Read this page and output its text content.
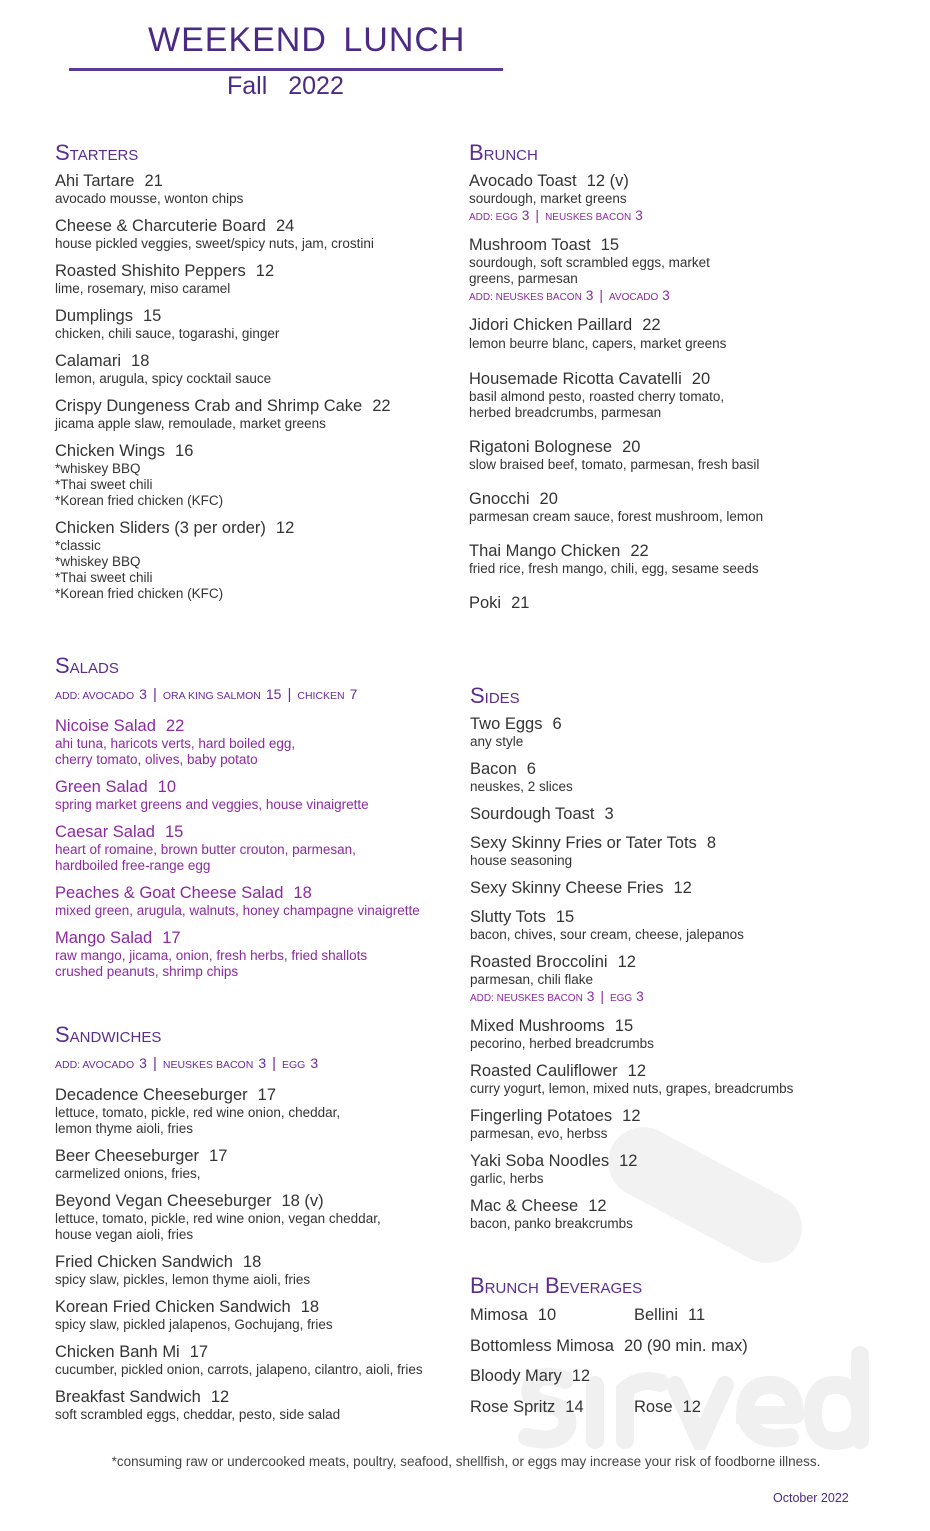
WEEKEND LUNCH
Fall 2022
Starters
Ahi Tartare 21
avocado mousse, wonton chips
Cheese & Charcuterie Board 24
house pickled veggies, sweet/spicy nuts, jam, crostini
Roasted Shishito Peppers 12
lime, rosemary, miso caramel
Dumplings 15
chicken, chili sauce, togarashi, ginger
Calamari 18
lemon, arugula, spicy cocktail sauce
Crispy Dungeness Crab and Shrimp Cake 22
jicama apple slaw, remoulade, market greens
Chicken Wings 16
*whiskey BBQ
*Thai sweet chili
*Korean fried chicken (KFC)
Chicken Sliders (3 per order) 12
*classic
*whiskey BBQ
*Thai sweet chili
*Korean fried chicken (KFC)
Brunch
Avocado Toast 12 (v)
sourdough, market greens
ADD: EGG 3 | NEUSKES BACON 3
Mushroom Toast 15
sourdough, soft scrambled eggs, market
greens, parmesan
ADD: NEUSKES BACON 3 | AVOCADO 3
Jidori Chicken Paillard 22
lemon beurre blanc, capers, market greens
Housemade Ricotta Cavatelli 20
basil almond pesto, roasted cherry tomato,
herbed breadcrumbs, parmesan
Rigatoni Bolognese 20
slow braised beef, tomato, parmesan, fresh basil
Gnocchi 20
parmesan cream sauce, forest mushroom, lemon
Thai Mango Chicken 22
fried rice, fresh mango, chili, egg, sesame seeds
Poki 21
Salads
ADD: AVOCADO 3 | ORA KING SALMON 15 | CHICKEN 7
Nicoise Salad 22
ahi tuna, haricots verts, hard boiled egg,
cherry tomato, olives, baby potato
Green Salad 10
spring market greens and veggies, house vinaigrette
Caesar Salad 15
heart of romaine, brown butter crouton, parmesan,
hardboiled free-range egg
Peaches & Goat Cheese Salad 18
mixed green, arugula, walnuts, honey champagne vinaigrette
Mango Salad 17
raw mango, jicama, onion, fresh herbs, fried shallots
crushed peanuts, shrimp chips
Sandwiches
ADD: AVOCADO 3 | NEUSKES BACON 3 | EGG 3
Decadence Cheeseburger 17
lettuce, tomato, pickle, red wine onion, cheddar,
lemon thyme aioli, fries
Beer Cheeseburger 17
carmelized onions, fries,
Beyond Vegan Cheeseburger 18 (v)
lettuce, tomato, pickle, red wine onion, vegan cheddar,
house vegan aioli, fries
Fried Chicken Sandwich 18
spicy slaw, pickles, lemon thyme aioli, fries
Korean Fried Chicken Sandwich 18
spicy slaw, pickled jalapenos, Gochujang, fries
Chicken Banh Mi 17
cucumber, pickled onion, carrots, jalapeno, cilantro, aioli, fries
Breakfast Sandwich 12
soft scrambled eggs, cheddar, pesto, side salad
Sides
Two Eggs 6
any style
Bacon 6
neuskes, 2 slices
Sourdough Toast 3
Sexy Skinny Fries or Tater Tots 8
house seasoning
Sexy Skinny Cheese Fries 12
Slutty Tots 15
bacon, chives, sour cream, cheese, jalepanos
Roasted Broccolini 12
parmesan, chili flake
ADD: NEUSKES BACON 3 | EGG 3
Mixed Mushrooms 15
pecorino, herbed breadcrumbs
Roasted Cauliflower 12
curry yogurt, lemon, mixed nuts, grapes, breadcrumbs
Fingerling Potatoes 12
parmesan, evo, herbss
Yaki Soba Noodles 12
garlic, herbs
Mac & Cheese 12
bacon, panko breakcrumbs
Brunch Beverages
Mimosa 10	Bellini 11
Bottomless Mimosa 20 (90 min. max)
Bloody Mary 12
Rose Spritz 14	Rose 12
*consuming raw or undercooked meats, poultry, seafood, shellfish, or eggs may increase your risk of foodborne illness.
October 2022
